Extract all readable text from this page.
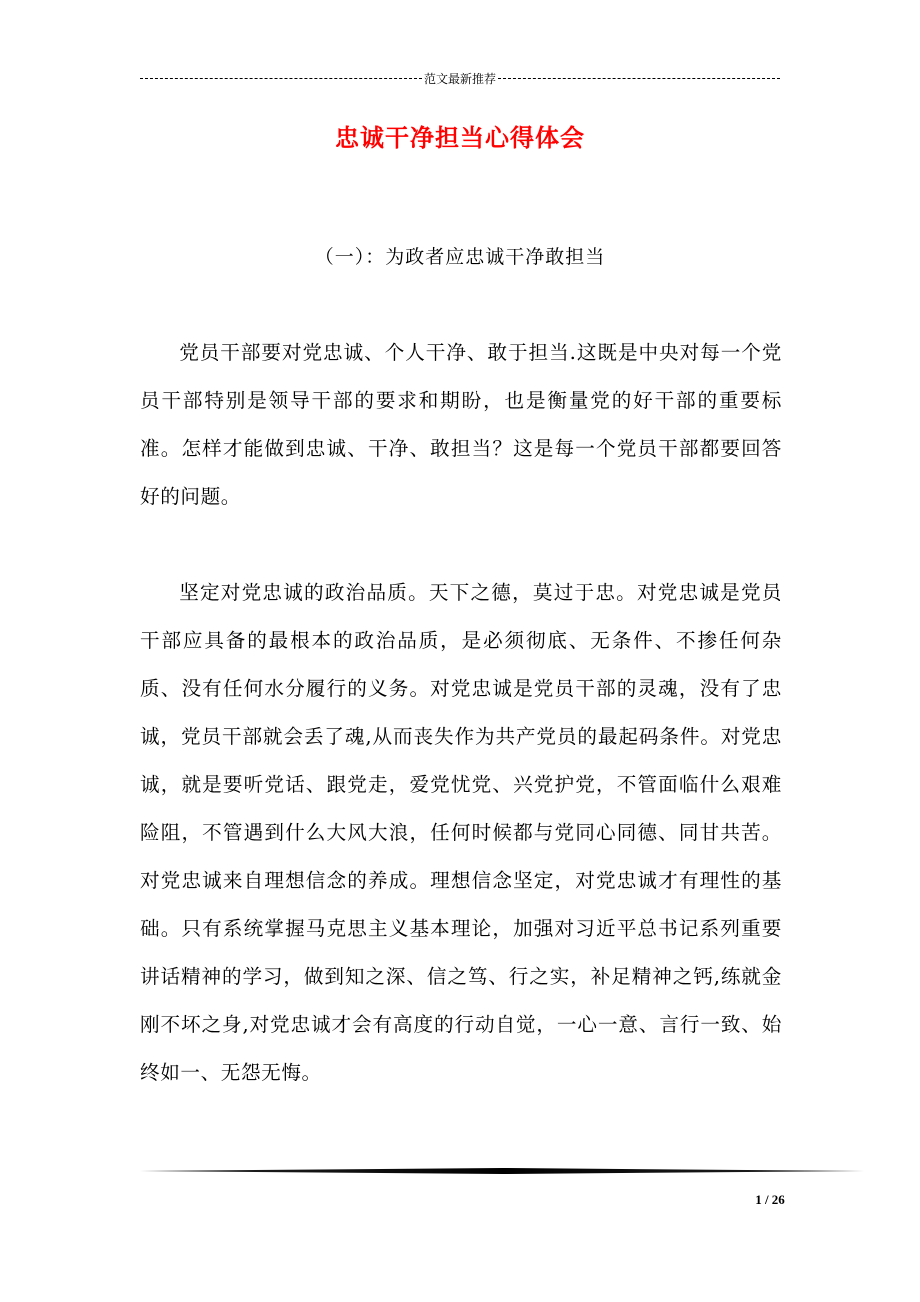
范文最新推荐
忠诚干净担当心得体会
（一）：为政者应忠诚干净敢担当

党员干部要对党忠诚、个人干净、敢于担当.这既是中央对每一个党员干部特别是领导干部的要求和期盼，也是衡量党的好干部的重要标准。怎样才能做到忠诚、干净、敢担当？这是每一个党员干部都要回答好的问题。

坚定对党忠诚的政治品质。天下之德，莫过于忠。对党忠诚是党员干部应具备的最根本的政治品质，是必须彻底、无条件、不掺任何杂质、没有任何水分履行的义务。对党忠诚是党员干部的灵魂，没有了忠诚，党员干部就会丢了魂,从而丧失作为共产党员的最起码条件。对党忠诚，就是要听党话、跟党走，爱党忧党、兴党护党，不管面临什么艰难险阻，不管遇到什么大风大浪，任何时候都与党同心同德、同甘共苦。对党忠诚来自理想信念的养成。理想信念坚定，对党忠诚才有理性的基础。只有系统掌握马克思主义基本理论，加强对习近平总书记系列重要讲话精神的学习，做到知之深、信之笃、行之实，补足精神之钙,练就金刚不坏之身,对党忠诚才会有高度的行动自觉，一心一意、言行一致、始终如一、无怨无悔。

1 / 26
